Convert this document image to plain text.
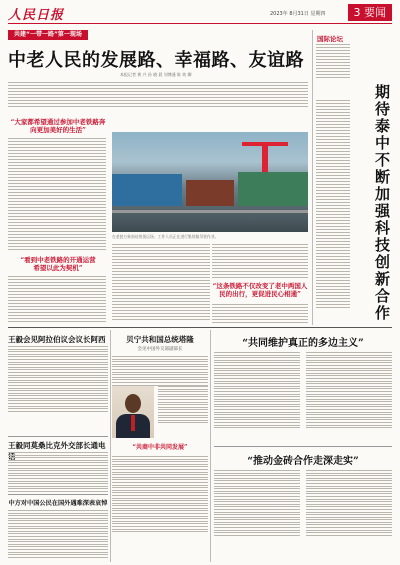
人民日报	2023年 8月31日 星期四	3 要闻
共建“一带一路”第一现场
中老人民的发展路、幸福路、友谊路
本报记者 黄 兴 孙 晓 晨 刘博通 陈 效 卿
“大家都希望通过参加中老铁路奔向更加美好的生活”
“看到中老铁路的开通运营
希望以此为契机”
在老挝万象南站的货运场，工作人员正在进行集装箱吊装作业。
“这条铁路不仅改变了老中两国人民的出行，更促进民心相通”
国际论坛
期待泰中不断加强科技创新合作
王毅会见阿拉伯议会议长阿西
王毅同莫桑比克外交部长通电
中方对中国公民在国外遇难深表哀悼
贝宁共和国总统塔隆
会见中国外交部副部长
“共商中非共同发展”
“共同维护真正的多边主义”
“推动金砖合作走深走实”
